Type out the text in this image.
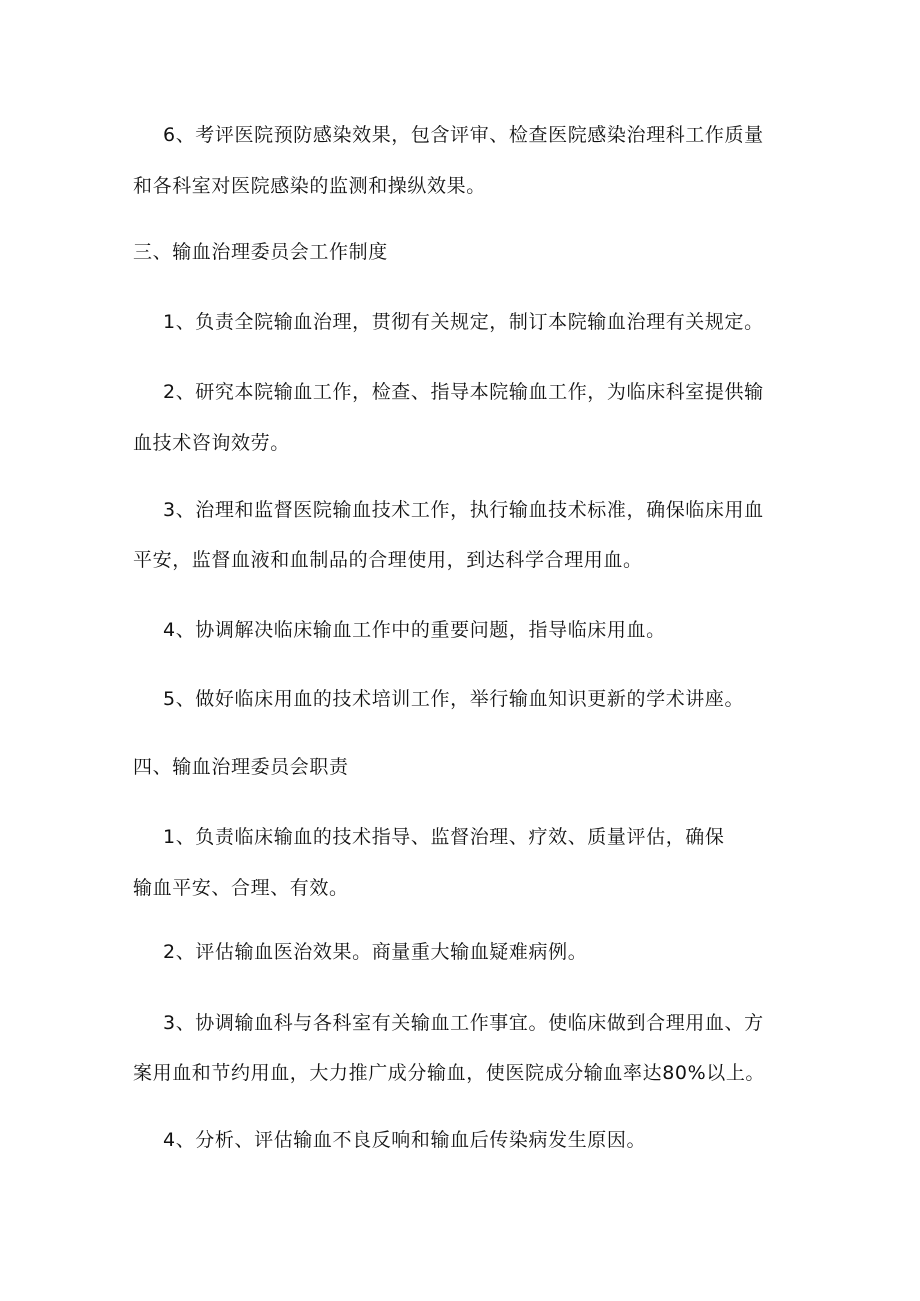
6、考评医院预防感染效果，包含评审、检查医院感染治理科工作质量
和各科室对医院感染的监测和操纵效果。
三、输血治理委员会工作制度
1、负责全院输血治理，贯彻有关规定，制订本院输血治理有关规定。
2、研究本院输血工作，检查、指导本院输血工作，为临床科室提供输
血技术咨询效劳。
3、治理和监督医院输血技术工作，执行输血技术标准，确保临床用血
平安，监督血液和血制品的合理使用，到达科学合理用血。
4、协调解决临床输血工作中的重要问题，指导临床用血。
5、做好临床用血的技术培训工作，举行输血知识更新的学术讲座。
四、输血治理委员会职责
1、负责临床输血的技术指导、监督治理、疗效、质量评估，确保
输血平安、合理、有效。
2、评估输血医治效果。商量重大输血疑难病例。
3、协调输血科与各科室有关输血工作事宜。使临床做到合理用血、方
案用血和节约用血，大力推广成分输血，使医院成分输血率达80%以上。
4、分析、评估输血不良反响和输血后传染病发生原因。
